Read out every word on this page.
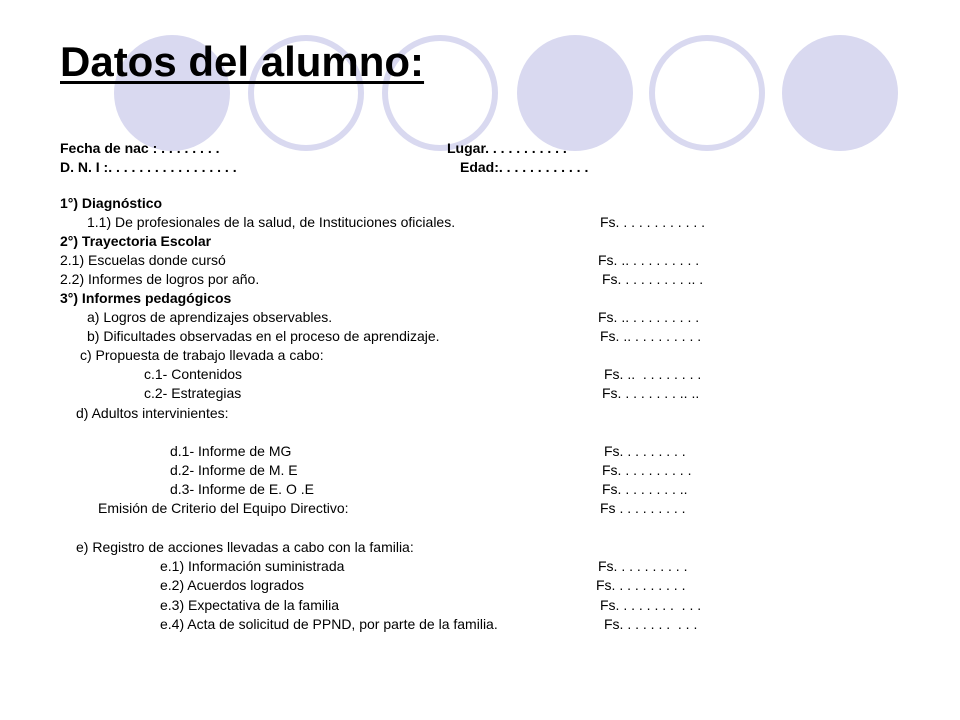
Datos del alumno:
Fecha de nac : . . . . . . . .	Lugar. . . . . . . . . . .
D. N. I :. . . . . . . . . . . . . . . . .	Edad:. . . . . . . . . . . .
1°) Diagnóstico
1.1) De profesionales de la salud, de Instituciones oficiales.	Fs. . . . . . . . . . . .
2°) Trayectoria Escolar
2.1) Escuelas donde cursó	Fs. .. . . . . . . . . .
2.2) Informes de logros por año.	Fs. . . . . . . . . .. .
3°) Informes pedagógicos
a) Logros de aprendizajes observables.	Fs. .. . . . . . . . . .
b) Dificultades observadas en el proceso de aprendizaje.	Fs. .. . . . . . . . . .
c) Propuesta de trabajo llevada a cabo:
c.1- Contenidos	Fs. ..  . . . . . . . .
c.2- Estrategias	Fs. . . . . . . . .. ..
d) Adultos intervinientes:
d.1- Informe de MG	Fs. . . . . . . . .
d.2- Informe de M. E	Fs. . . . . . . . . .
d.3- Informe de E. O .E	Fs. . . . . . . . ..
Emisión de Criterio del Equipo Directivo:	Fs . . . . . . . . .
e) Registro de acciones llevadas a cabo con la familia:
e.1) Información suministrada	Fs. . . . . . . . . .
e.2) Acuerdos logrados	Fs. . . . . . . . . .
e.3) Expectativa de la familia	Fs. . . . . . . .  . . .
e.4) Acta de solicitud de PPND, por parte de la familia.	Fs. . . . . . .  . . .
